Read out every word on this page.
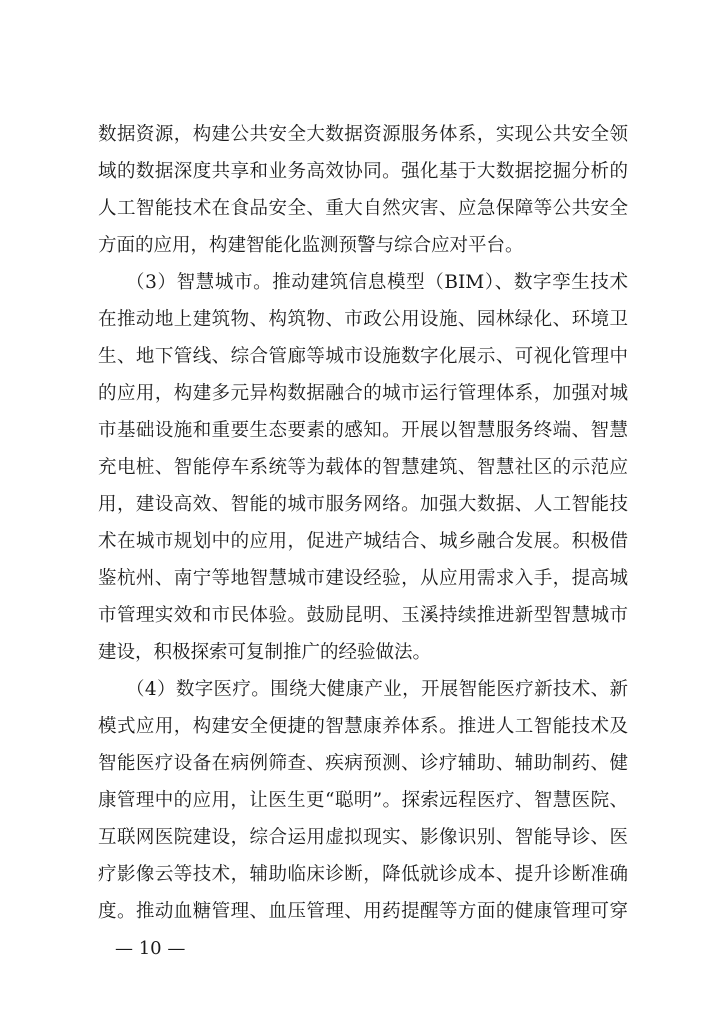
数据资源，构建公共安全大数据资源服务体系，实现公共安全领
域的数据深度共享和业务高效协同。强化基于大数据挖掘分析的
人工智能技术在食品安全、重大自然灾害、应急保障等公共安全
方面的应用，构建智能化监测预警与综合应对平台。
（3）智慧城市。推动建筑信息模型（BIM）、数字孪生技术
在推动地上建筑物、构筑物、市政公用设施、园林绿化、环境卫
生、地下管线、综合管廊等城市设施数字化展示、可视化管理中
的应用，构建多元异构数据融合的城市运行管理体系，加强对城
市基础设施和重要生态要素的感知。开展以智慧服务终端、智慧
充电桩、智能停车系统等为载体的智慧建筑、智慧社区的示范应
用，建设高效、智能的城市服务网络。加强大数据、人工智能技
术在城市规划中的应用，促进产城结合、城乡融合发展。积极借
鉴杭州、南宁等地智慧城市建设经验，从应用需求入手，提高城
市管理实效和市民体验。鼓励昆明、玉溪持续推进新型智慧城市
建设，积极探索可复制推广的经验做法。
（4）数字医疗。围绕大健康产业，开展智能医疗新技术、新
模式应用，构建安全便捷的智慧康养体系。推进人工智能技术及
智能医疗设备在病例筛查、疾病预测、诊疗辅助、辅助制药、健
康管理中的应用，让医生更“聪明”。探索远程医疗、智慧医院、
互联网医院建设，综合运用虚拟现实、影像识别、智能导诊、医
疗影像云等技术，辅助临床诊断，降低就诊成本、提升诊断准确
度。推动血糖管理、血压管理、用药提醒等方面的健康管理可穿
— 10 —
